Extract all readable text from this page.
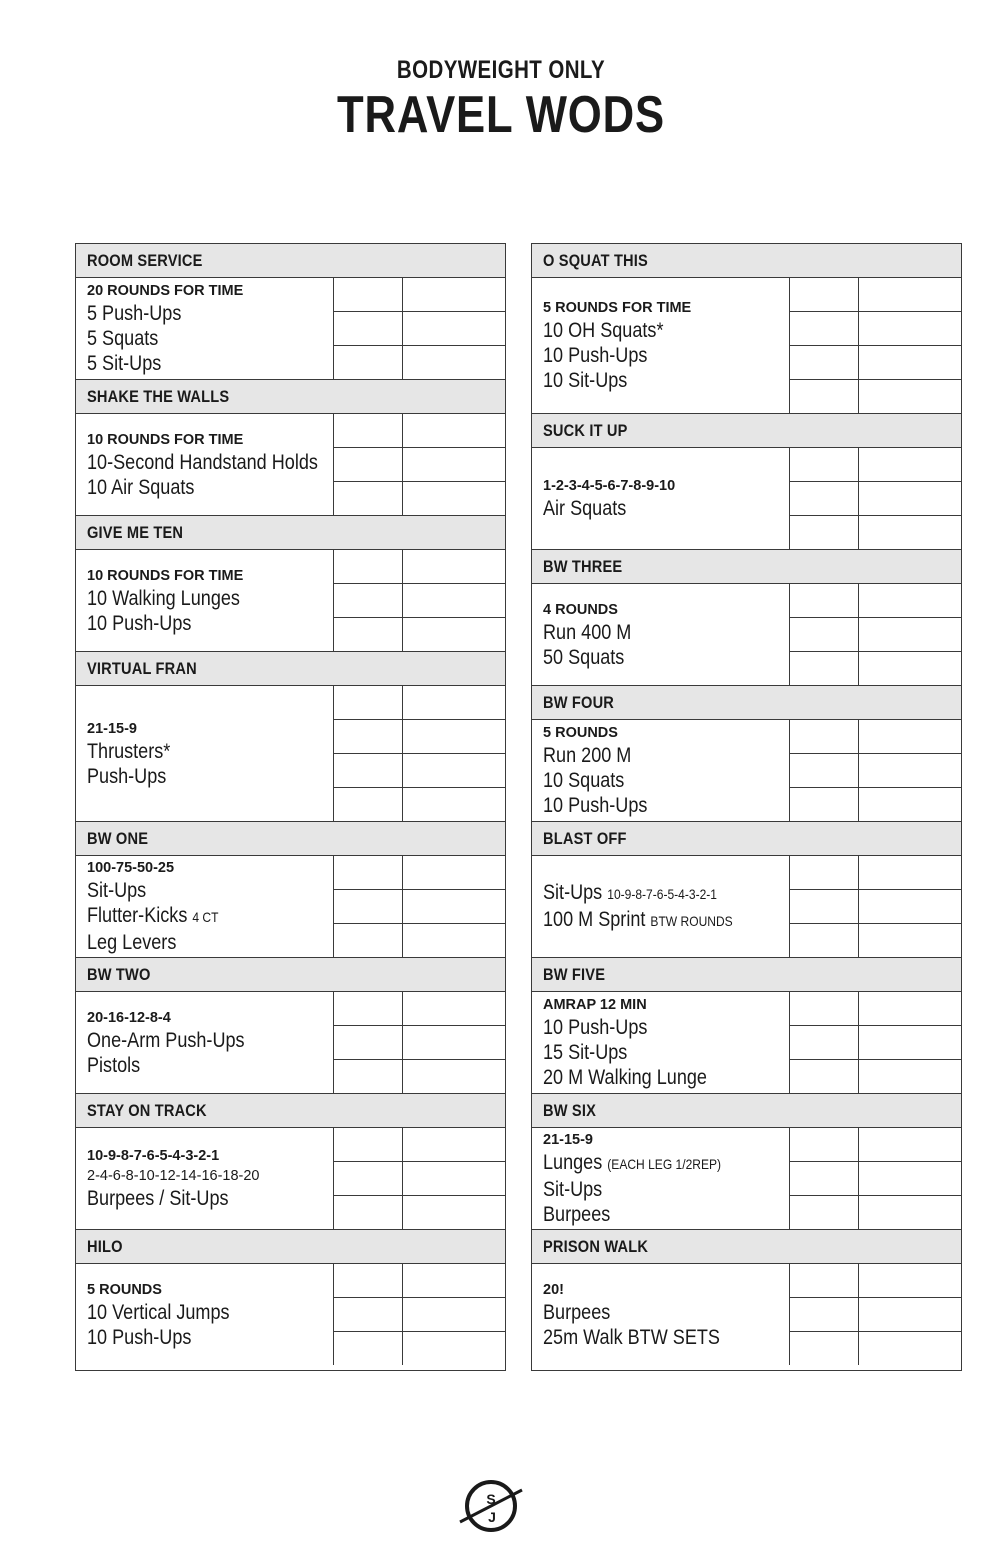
BODYWEIGHT ONLY
TRAVEL WODS
ROOM SERVICE
20 ROUNDS FOR TIME
5 Push-Ups
5 Squats
5 Sit-Ups
SHAKE THE WALLS
10 ROUNDS FOR TIME
10-Second Handstand Holds
10 Air Squats
GIVE ME TEN
10 ROUNDS FOR TIME
10 Walking Lunges
10 Push-Ups
VIRTUAL FRAN
21-15-9
Thrusters*
Push-Ups
BW ONE
100-75-50-25
Sit-Ups
Flutter-Kicks 4 CT
Leg Levers
BW TWO
20-16-12-8-4
One-Arm Push-Ups
Pistols
STAY ON TRACK
10-9-8-7-6-5-4-3-2-1
2-4-6-8-10-12-14-16-18-20
Burpees / Sit-Ups
HILO
5 ROUNDS
10 Vertical Jumps
10 Push-Ups
O SQUAT THIS
5 ROUNDS FOR TIME
10 OH Squats*
10 Push-Ups
10 Sit-Ups
SUCK IT UP
1-2-3-4-5-6-7-8-9-10
Air Squats
BW THREE
4 ROUNDS
Run 400 M
50 Squats
BW FOUR
5 ROUNDS
Run 200 M
10 Squats
10 Push-Ups
BLAST OFF
Sit-Ups 10-9-8-7-6-5-4-3-2-1
100 M Sprint BTW ROUNDS
BW FIVE
AMRAP 12 MIN
10 Push-Ups
15 Sit-Ups
20 M Walking Lunge
BW SIX
21-15-9
Lunges (EACH LEG 1/2REP)
Sit-Ups
Burpees
PRISON WALK
20!
Burpees
25m Walk BTW SETS
S
J
